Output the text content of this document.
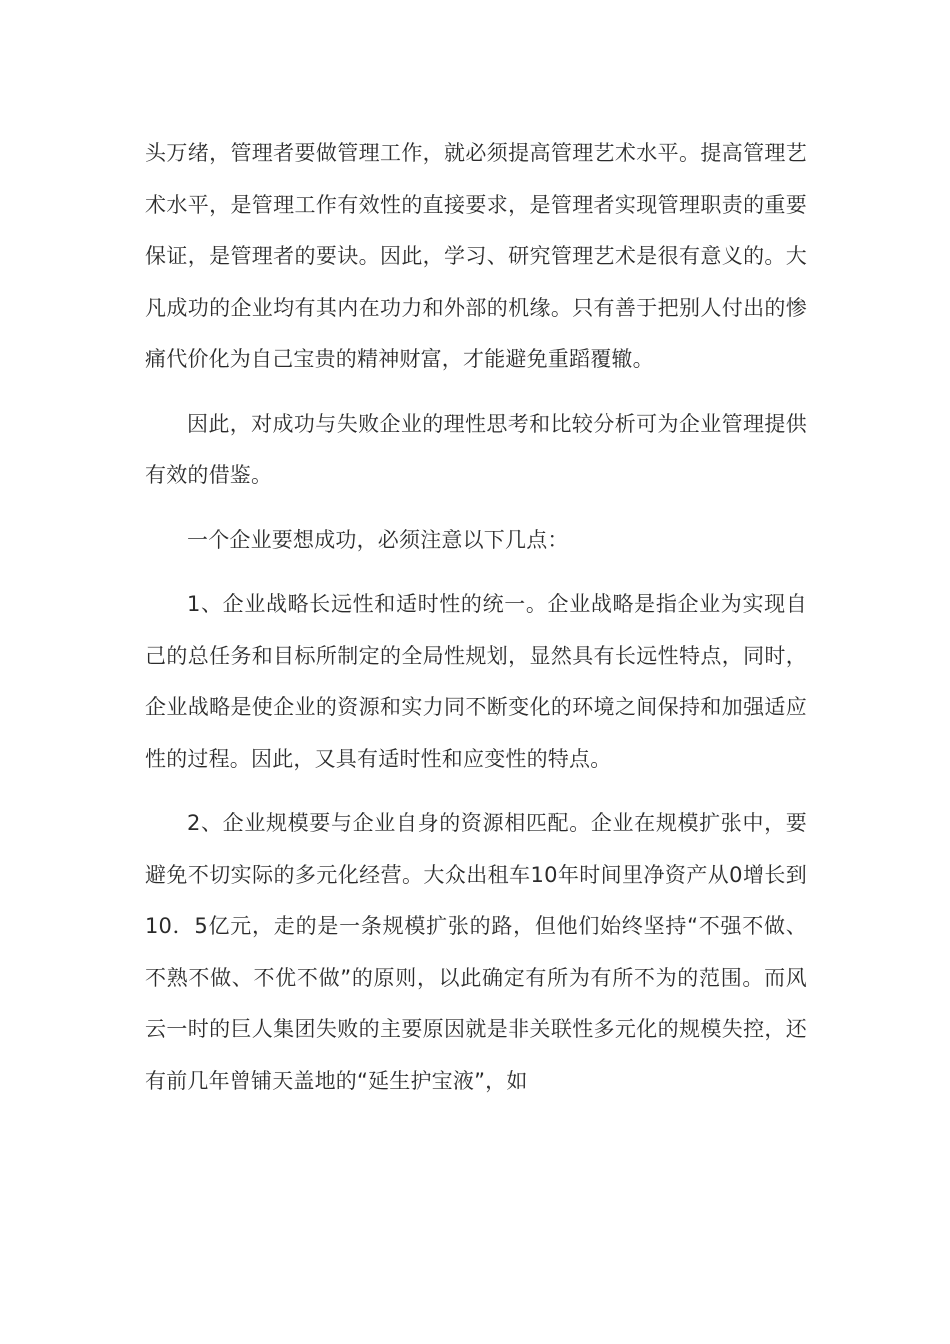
头万绪，管理者要做管理工作，就必须提高管理艺术水平。提高管理艺术水平，是管理工作有效性的直接要求，是管理者实现管理职责的重要保证，是管理者的要诀。因此，学习、研究管理艺术是很有意义的。大凡成功的企业均有其内在功力和外部的机缘。只有善于把别人付出的惨痛代价化为自己宝贵的精神财富，才能避免重蹈覆辙。

因此，对成功与失败企业的理性思考和比较分析可为企业管理提供有效的借鉴。

一个企业要想成功，必须注意以下几点：

1、企业战略长远性和适时性的统一。企业战略是指企业为实现自己的总任务和目标所制定的全局性规划，显然具有长远性特点，同时，企业战略是使企业的资源和实力同不断变化的环境之间保持和加强适应性的过程。因此，又具有适时性和应变性的特点。

2、企业规模要与企业自身的资源相匹配。企业在规模扩张中，要避免不切实际的多元化经营。大众出租车10年时间里净资产从0增长到10．5亿元，走的是一条规模扩张的路，但他们始终坚持“不强不做、不熟不做、不优不做”的原则，以此确定有所为有所不为的范围。而风云一时的巨人集团失败的主要原因就是非关联性多元化的规模失控，还有前几年曾铺天盖地的“延生护宝液”，如
